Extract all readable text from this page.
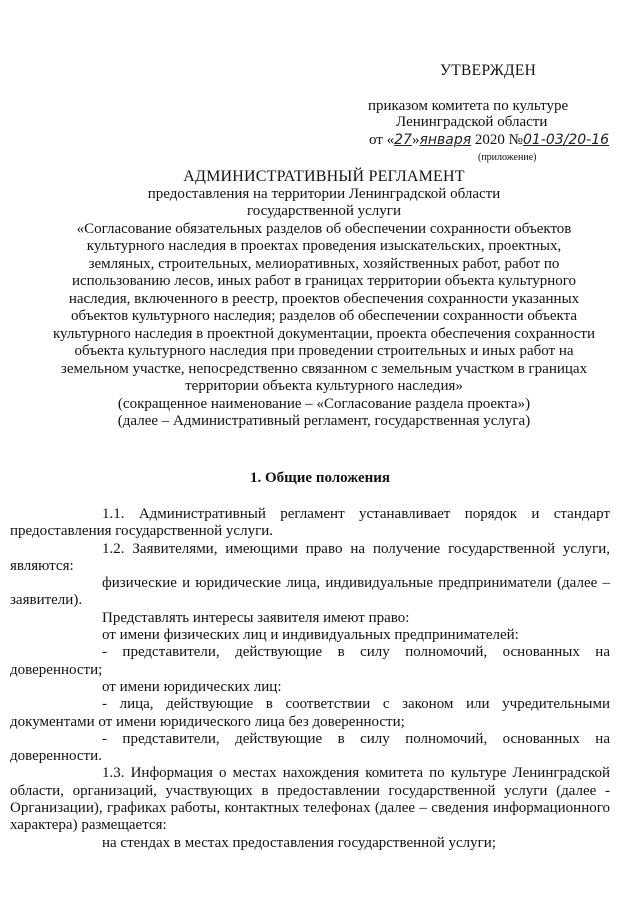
УТВЕРЖДЕН
приказом комитета по культуре
Ленинградской области
от «27»января 2020 №01-03/20-16
(приложение)

АДМИНИСТРАТИВНЫЙ РЕГЛАМЕНТ

предоставления на территории Ленинградской области

государственной услуги

«Согласование обязательных разделов об обеспечении сохранности объектов

культурного наследия в проектах проведения изыскательских, проектных,

земляных, строительных, мелиоративных, хозяйственных работ, работ по

использованию лесов, иных работ в границах территории объекта культурного

наследия, включенного в реестр, проектов обеспечения сохранности указанных

объектов культурного наследия; разделов об обеспечении сохранности объекта

культурного наследия в проектной документации, проекта обеспечения сохранности

объекта культурного наследия при проведении строительных и иных работ на

земельном участке, непосредственно связанном с земельным участком в границах

территории объекта культурного наследия»

(сокращенное наименование – «Согласование раздела проекта»)

(далее – Административный регламент, государственная услуга)

1. Общие положения

1.1. Административный регламент устанавливает порядок и стандарт предоставления государственной услуги.

1.2. Заявителями, имеющими право на получение государственной услуги, являются:

физические и юридические лица, индивидуальные предприниматели (далее – заявители).

Представлять интересы заявителя имеют право:

от имени физических лиц и индивидуальных предпринимателей:

- представители, действующие в силу полномочий, основанных на доверенности;

от имени юридических лиц:

- лица, действующие в соответствии с законом или учредительными документами от имени юридического лица без доверенности;

- представители, действующие в силу полномочий, основанных на доверенности.

1.3. Информация о местах нахождения комитета по культуре Ленинградской области, организаций, участвующих в предоставлении государственной услуги (далее - Организации), графиках работы, контактных телефонах (далее – сведения информационного характера) размещается:

на стендах в местах предоставления государственной услуги;
